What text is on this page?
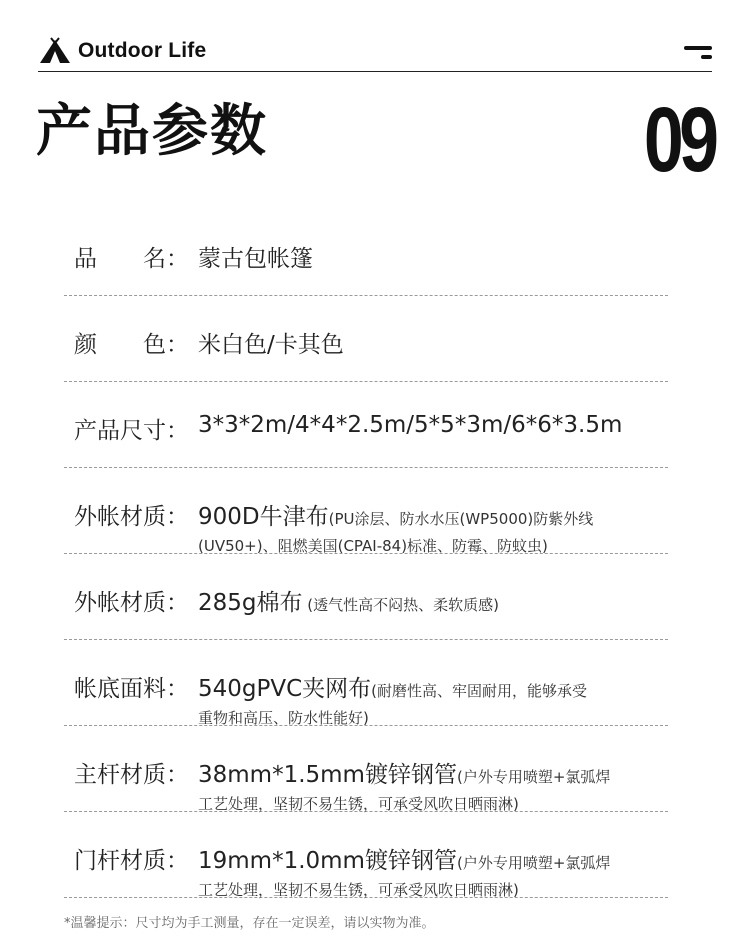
Outdoor Life
产品参数	09
品　　名： 蒙古包帐篷
颜　　色： 米白色/卡其色
产品尺寸： 3*3*2m/4*4*2.5m/5*5*3m/6*6*3.5m
外帐材质： 900D牛津布(PU涂层、防水水压(WP5000)防紫外线
(UV50+)、阻燃美国(CPAI-84)标准、防霉、防蚊虫)
外帐材质： 285g棉布 (透气性高不闷热、柔软质感)
帐底面料： 540gPVC夹网布(耐磨性高、牢固耐用，能够承受
重物和高压、防水性能好)
主杆材质： 38mm*1.5mm镀锌钢管(户外专用喷塑+氯弧焊
工艺处理，坚韧不易生锈，可承受风吹日晒雨淋)
门杆材质： 19mm*1.0mm镀锌钢管(户外专用喷塑+氯弧焊
工艺处理，坚韧不易生锈，可承受风吹日晒雨淋)
*温馨提示：尺寸均为手工测量，存在一定误差，请以实物为准。
